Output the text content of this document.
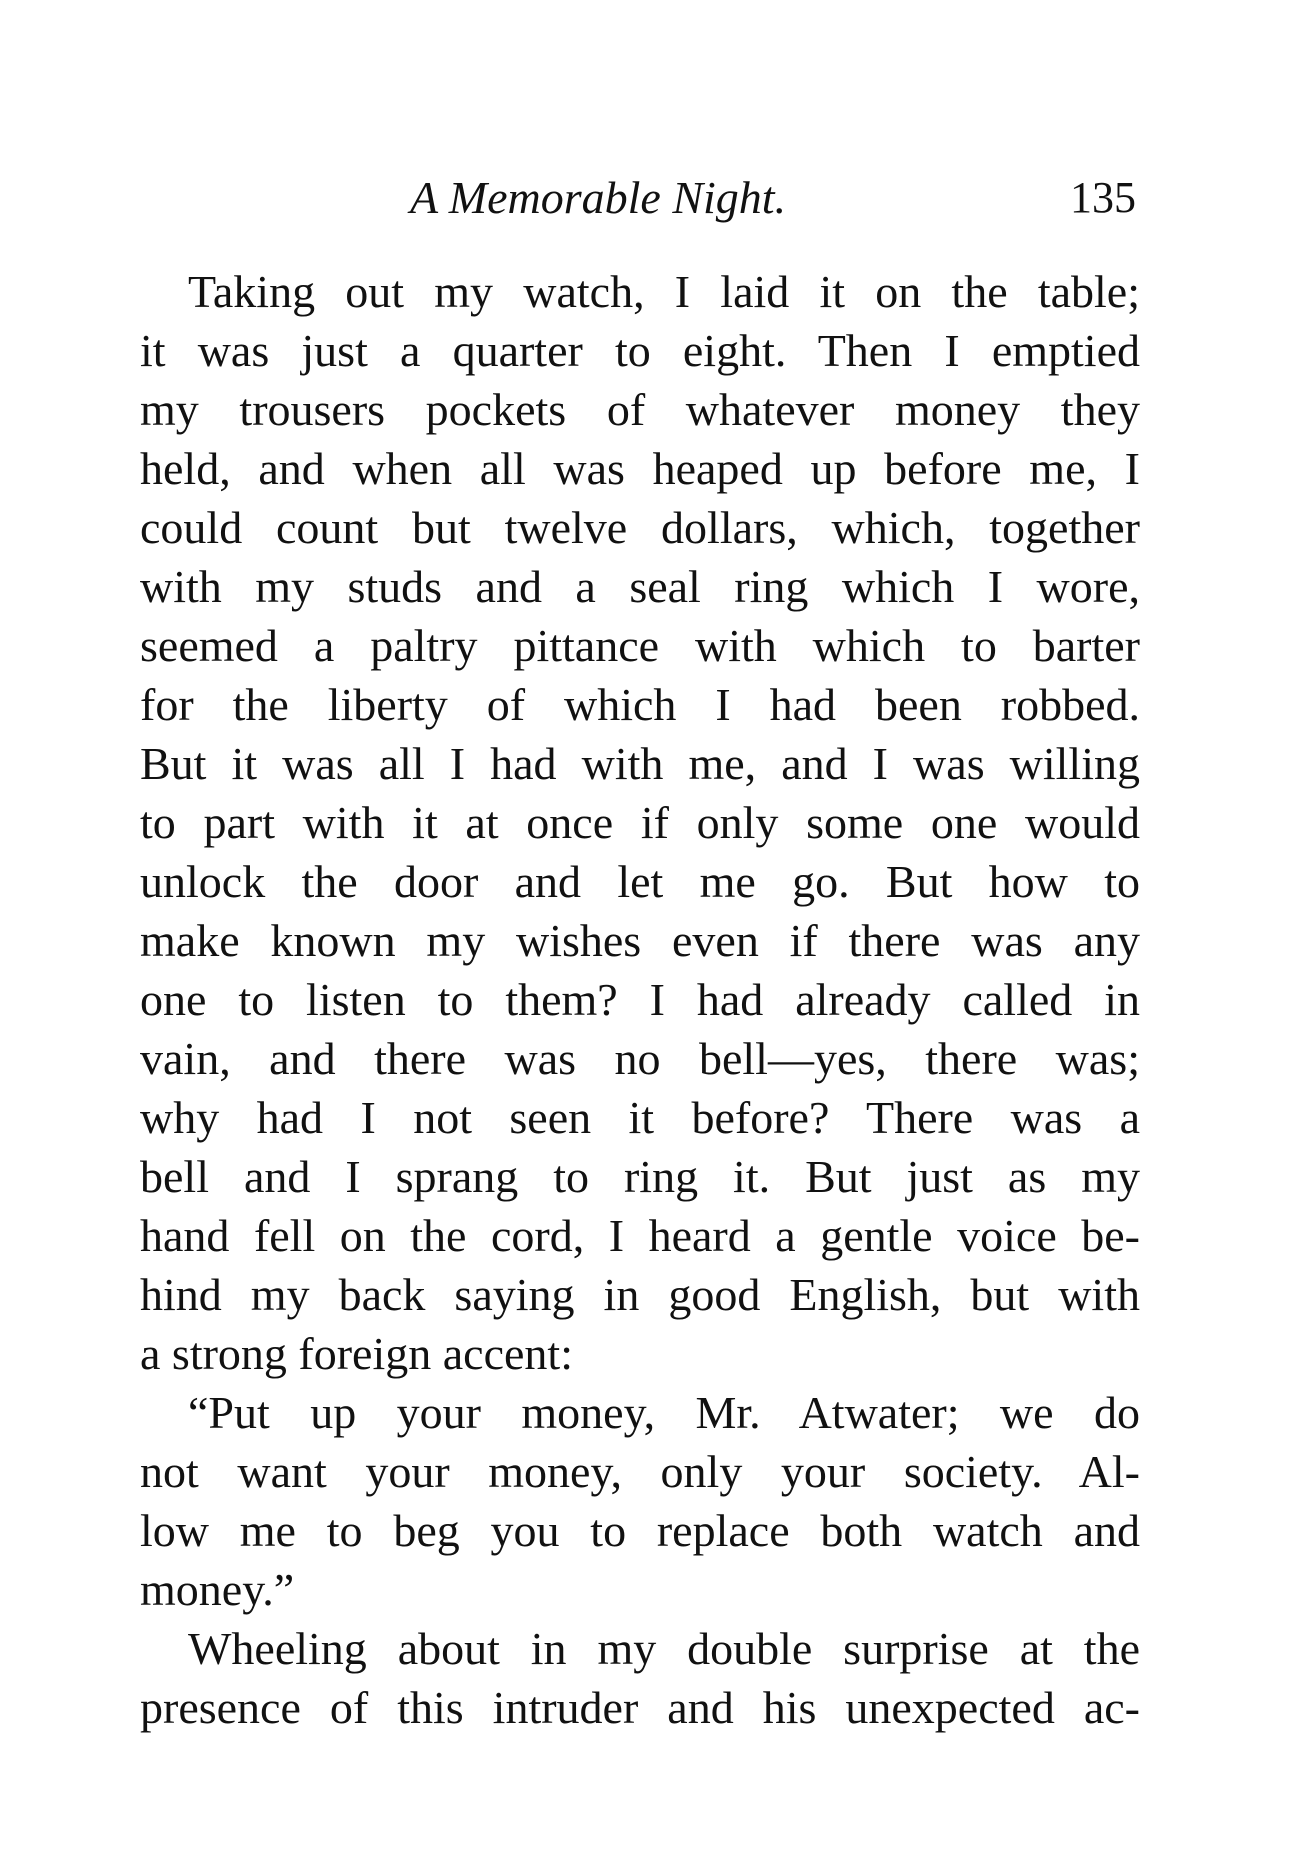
A Memorable Night.	135
Taking out my watch, I laid it on the table;
it was just a quarter to eight. Then I emptied
my trousers pockets of whatever money they
held, and when all was heaped up before me, I
could count but twelve dollars, which, together
with my studs and a seal ring which I wore,
seemed a paltry pittance with which to barter
for the liberty of which I had been robbed.
But it was all I had with me, and I was willing
to part with it at once if only some one would
unlock the door and let me go. But how to
make known my wishes even if there was any
one to listen to them? I had already called in
vain, and there was no bell—yes, there was;
why had I not seen it before? There was a
bell and I sprang to ring it. But just as my
hand fell on the cord, I heard a gentle voice be-
hind my back saying in good English, but with
a strong foreign accent:
“Put up your money, Mr. Atwater; we do
not want your money, only your society. Al-
low me to beg you to replace both watch and
money.”
Wheeling about in my double surprise at the
presence of this intruder and his unexpected ac-
